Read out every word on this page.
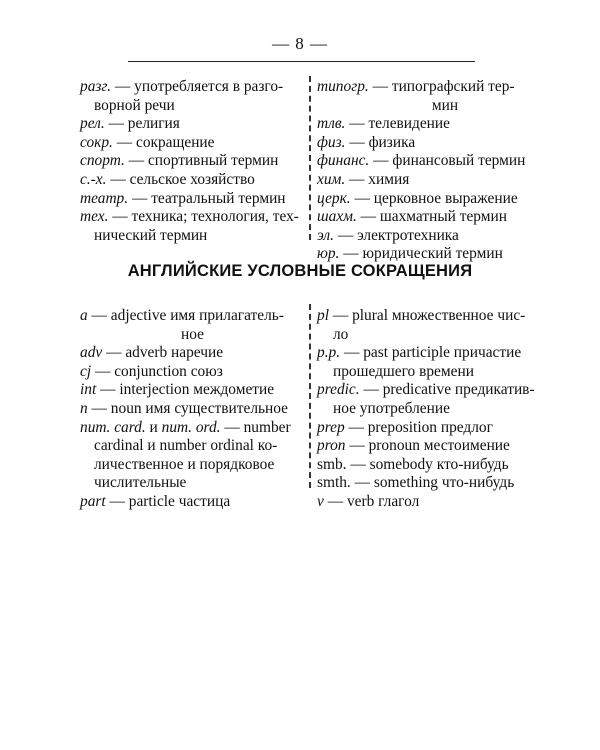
— 8 —
разг. — употребляется в разго-
ворной речи
рел. — религия
сокр. — сокращение
спорт. — спортивный термин
с.-х. — сельское хозяйство
театр. — театральный термин
тех. — техника; технология, тех-
нический термин
типогр. — типографский тер-
мин
тлв. — телевидение
физ. — физика
финанс. — финансовый термин
хим. — химия
церк. — церковное выражение
шахм. — шахматный термин
эл. — электротехника
юр. — юридический термин
АНГЛИЙСКИЕ УСЛОВНЫЕ СОКРАЩЕНИЯ
a — adjective имя прилагатель-
ное
adv — adverb наречие
cj — conjunction союз
int — interjection междометие
n — noun имя существительное
num. card. и num. ord. — number
cardinal и number ordinal ко-
личественное и порядковое
числительные
part — particle частица
pl — plural множественное чис-
ло
p.p. — past participle причастие
прошедшего времени
predic. — predicative предикатив-
ное употребление
prep — preposition предлог
pron — pronoun местоимение
smb. — somebody кто-нибудь
smth. — something что-нибудь
v — verb глагол
